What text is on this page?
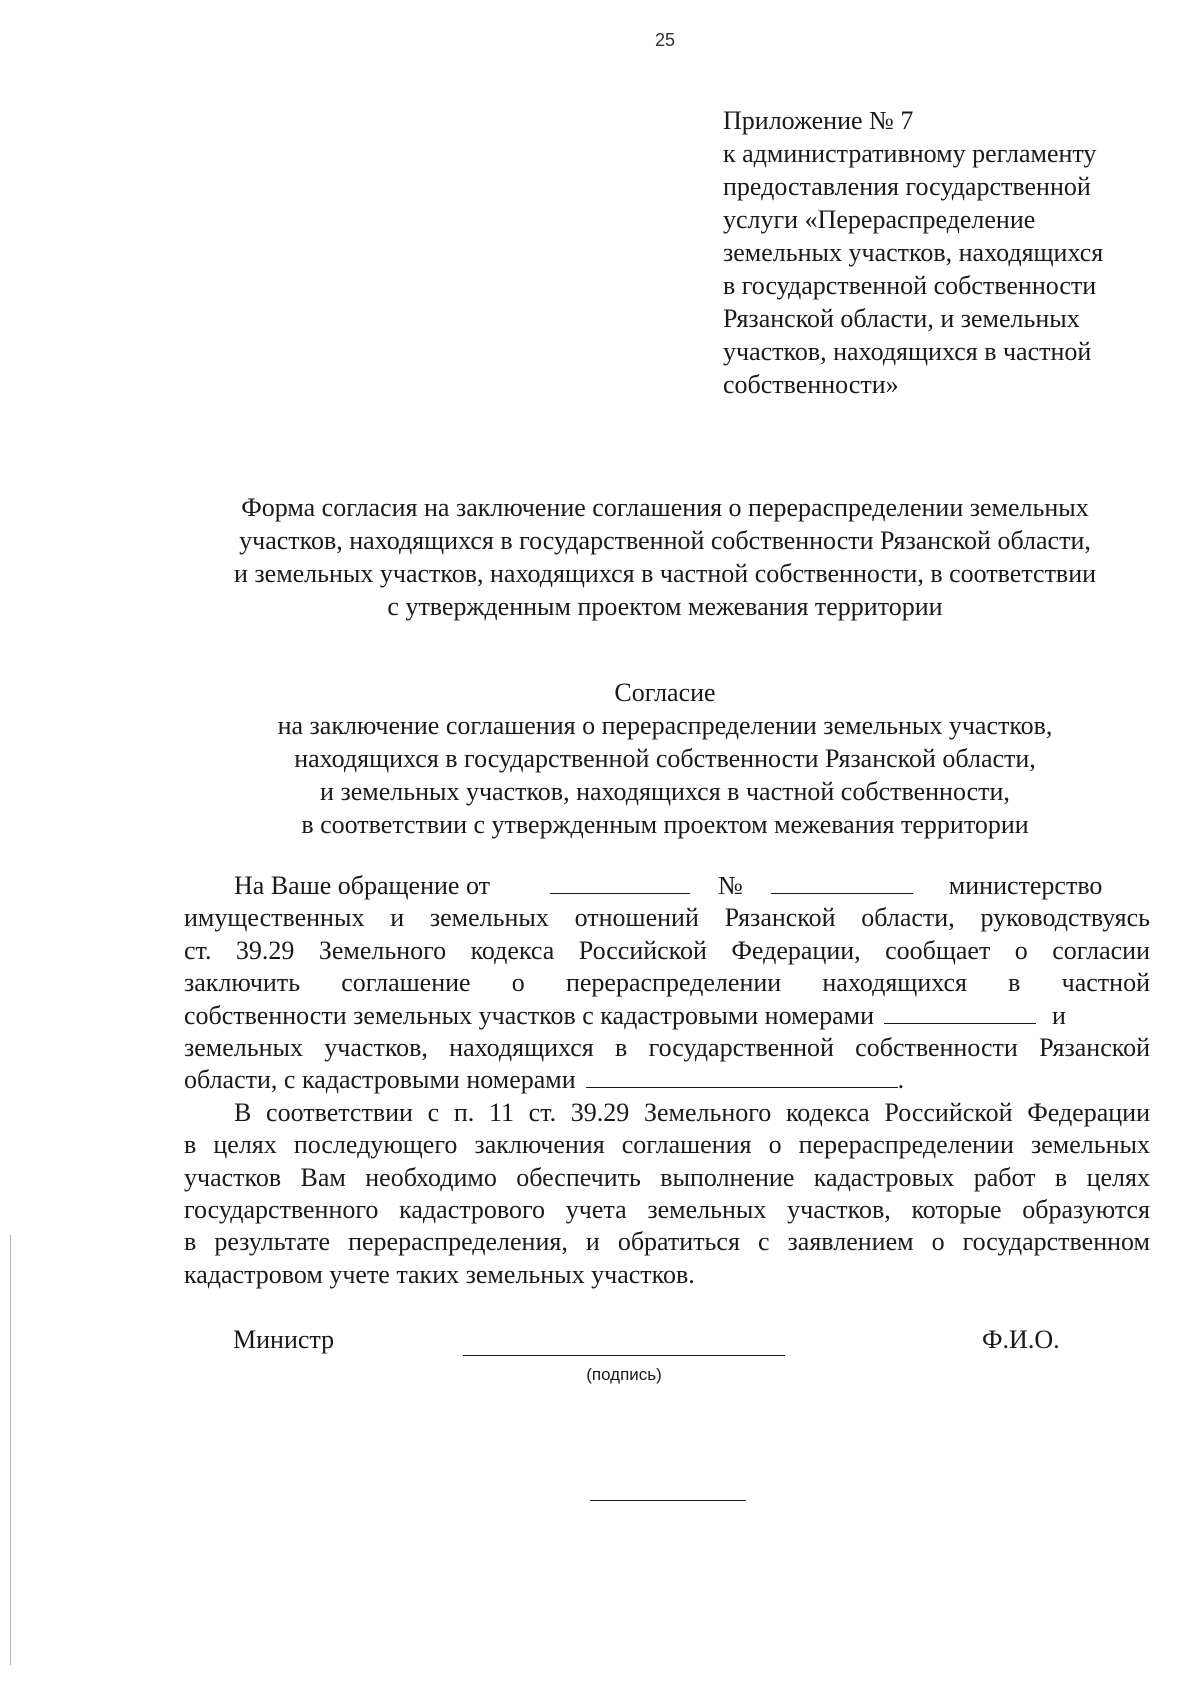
25
Приложение № 7
к административному регламенту
предоставления государственной
услуги «Перераспределение
земельных участков, находящихся
в государственной собственности
Рязанской области, и земельных
участков, находящихся в частной
собственности»
Форма согласия на заключение соглашения о перераспределении земельных
участков, находящихся в государственной собственности Рязанской области,
и земельных участков, находящихся в частной собственности, в соответствии
с утвержденным проектом межевания территории
Согласие
на заключение соглашения о перераспределении земельных участков,
находящихся в государственной собственности Рязанской области,
и земельных участков, находящихся в частной собственности,
в соответствии с утвержденным проектом межевания территории
На Ваше обращение от	№	министерство
имущественных и земельных отношений Рязанской области, руководствуясь
ст. 39.29 Земельного кодекса Российской Федерации, сообщает о согласии
заключить соглашение о перераспределении находящихся в частной
собственности земельных участков с кадастровыми номерами	и
земельных участков, находящихся в государственной собственности Рязанской
области, с кадастровыми номерами	.
В соответствии с п. 11 ст. 39.29 Земельного кодекса Российской Федерации
в целях последующего заключения соглашения о перераспределении земельных
участков Вам необходимо обеспечить выполнение кадастровых работ в целях
государственного кадастрового учета земельных участков, которые образуются
в результате перераспределения, и обратиться с заявлением о государственном
кадастровом учете таких земельных участков.
Министр
(подпись)
Ф.И.О.
